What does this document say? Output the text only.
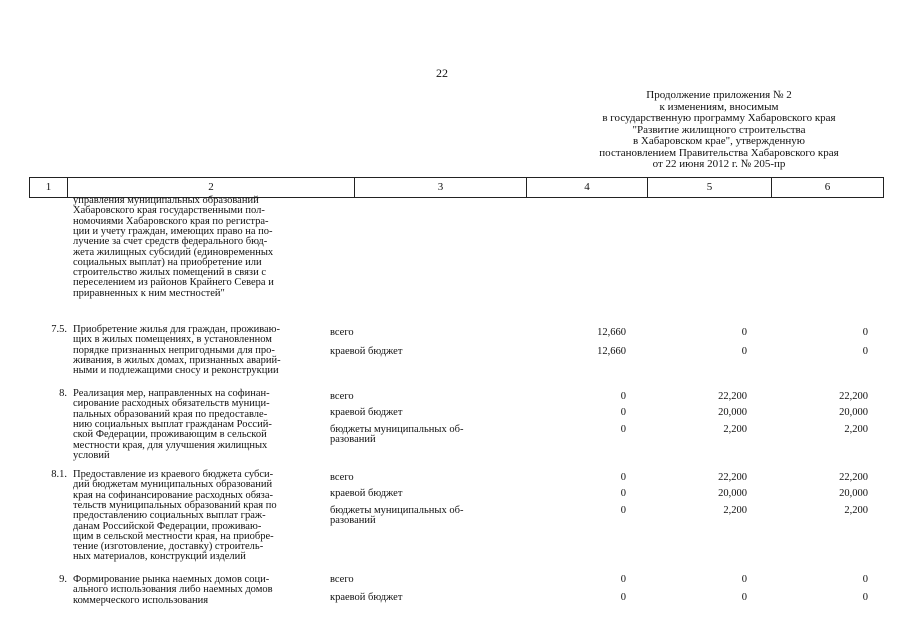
22
Продолжение приложения № 2
к изменениям, вносимым
в государственную программу Хабаровского края
"Развитие жилищного строительства
в Хабаровском крае", утвержденную
постановлением Правительства Хабаровского края
от 22 июня 2012 г. № 205-пр
1	2	3	4	5	6
управления муниципальных образований
Хабаровского края государственными пол-
номочиями Хабаровского края по регистра-
ции и учету граждан, имеющих право на по-
лучение за счет средств федерального бюд-
жета жилищных субсидий (единовременных
социальных выплат) на приобретение или
строительство жилых помещений в связи с
переселением из районов Крайнего Севера и
приравненных к ним местностей"
7.5. Приобретение жилья для граждан, проживаю-
щих в жилых помещениях, в установленном
порядке признанных непригодными для про-
живания, в жилых домах, признанных аварий-
ными и подлежащими сносу и реконструкции
всего	12,660	0	0
краевой бюджет	12,660	0	0
8. Реализация мер, направленных на софинан-
сирование расходных обязательств муници-
пальных образований края по предоставле-
нию социальных выплат гражданам Россий-
ской Федерации, проживающим в сельской
местности края, для улучшения жилищных
условий
всего	0	22,200	22,200
краевой бюджет	0	20,000	20,000
бюджеты муниципальных об-
разований
0	2,200	2,200
8.1. Предоставление из краевого бюджета субси-
дий бюджетам муниципальных образований
края на софинансирование расходных обяза-
тельств муниципальных образований края по
предоставлению социальных выплат граж-
данам Российской Федерации, проживаю-
щим в сельской местности края, на приобре-
тение (изготовление, доставку) строитель-
ных материалов, конструкций изделий
всего	0	22,200	22,200
краевой бюджет	0	20,000	20,000
бюджеты муниципальных об-
разований
0	2,200	2,200
9. Формирование рынка наемных домов соци-
ального использования либо наемных домов
коммерческого использования
всего	0	0	0
краевой бюджет	0	0	0
